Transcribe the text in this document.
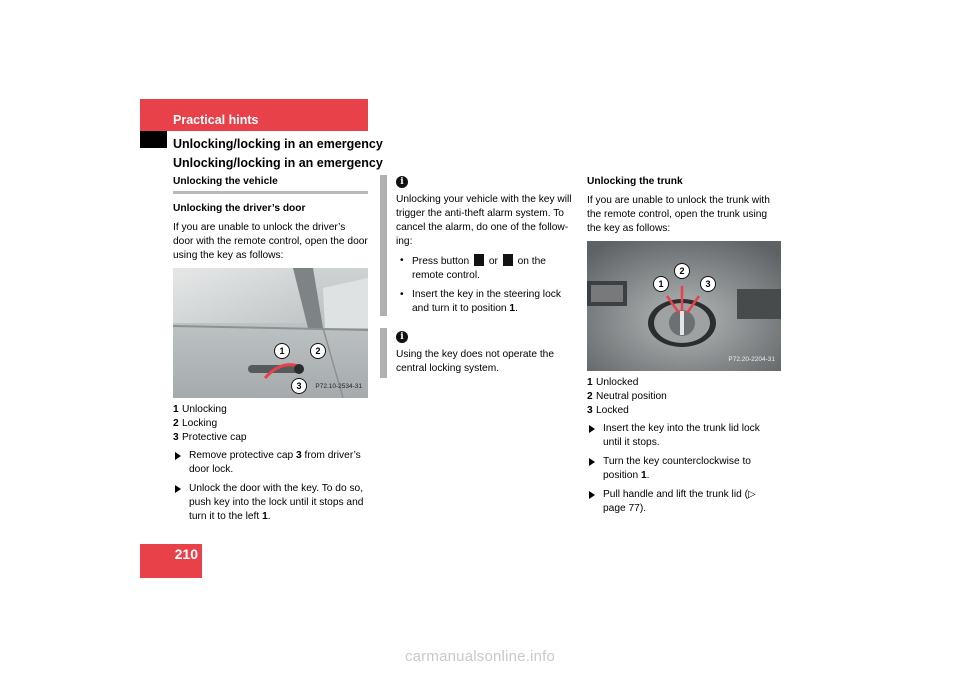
Practical hints
Unlocking/locking in an emergency
Unlocking/locking in an emergency
Unlocking the vehicle

Unlocking the driver’s door

If you are unable to unlock the driver’s door with the remote control, open the door using the key as follows:

1	2
3	P72.10-2534-31
1 Unlocking
2 Locking
3 Protective cap
Remove protective cap 3 from driver’s door lock.
Unlock the door with the key. To do so, push key into the lock until it stops and turn it to the left 1.
i

Unlocking your vehicle with the key will trigger the anti-theft alarm system. To cancel the alarm, do one of the follow-ing:

• Press button  or  on the remote control.
• Insert the key in the steering lock and turn it to position 1.
i

Using the key does not operate the central locking system.

Unlocking the trunk

If you are unable to unlock the trunk with the remote control, open the trunk using the key as follows:

1
2
3
P72.20-2204-31
1 Unlocked
2 Neutral position
3 Locked
Insert the key into the trunk lid lock until it stops.
Turn the key counterclockwise to position 1.
Pull handle and lift the trunk lid (▷ page 77).
210
carmanualsonline.info
